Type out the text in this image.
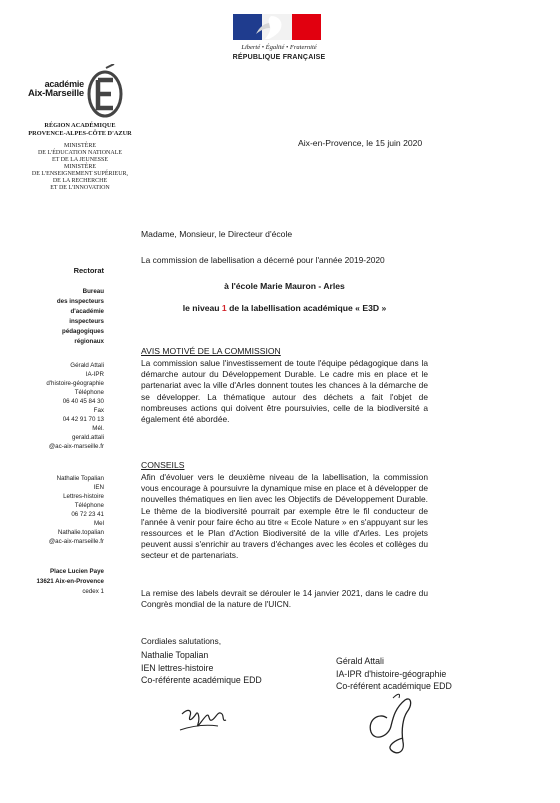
Liberté • Égalité • Fraternité
RÉPUBLIQUE FRANÇAISE
académie
Aix-Marseille
RÉGION ACADÉMIQUE
PROVENCE-ALPES-CÔTE D'AZUR
MINISTÈRE
DE L'ÉDUCATION NATIONALE
ET DE LA JEUNESSE
MINISTÈRE
DE L'ENSEIGNEMENT SUPÉRIEUR,
DE LA RECHERCHE
ET DE L'INNOVATION
Rectorat
Bureau
des inspecteurs
d'académie
inspecteurs
pédagogiques
régionaux
Gérald Attali
IA-IPR
d'histoire-géographie
Téléphone
06 40 45 84 30
Fax
04 42 91 70 13
Mél.
gerald.attali
@ac-aix-marseille.fr
Nathalie Topalian
IEN
Lettres-histoire
Téléphone
06 72 23 41
Mel
Nathalie.topalian
@ac-aix-marseille.fr
Place Lucien Paye
13621 Aix-en-Provence
cedex 1

Aix-en-Provence, le 15 juin 2020

Madame, Monsieur, le Directeur d'école

La commission de labellisation a décerné pour l'année 2019-2020

à l'école Marie Mauron - Arles

le niveau 1 de la labellisation académique « E3D »

AVIS MOTIVÉ DE LA COMMISSION

La commission salue l'investissement de toute l'équipe pédagogique dans la démarche autour du Développement Durable. Le cadre mis en place et le partenariat avec la ville d'Arles donnent toutes les chances à la démarche de se développer. La thématique autour des déchets a fait l'objet de nombreuses actions qui doivent être poursuivies, celle de la biodiversité a également été abordée.

CONSEILS

Afin d'évoluer vers le deuxième niveau de la labellisation, la commission vous encourage à poursuivre la dynamique mise en place et à développer de nouvelles thématiques en lien avec les Objectifs de Développement Durable. Le thème de la biodiversité pourrait par exemple être le fil conducteur de l'année à venir pour faire écho au titre « Ecole Nature » en s'appuyant sur les ressources et le Plan d'Action Biodiversité de la ville d'Arles. Les projets peuvent aussi s'enrichir au travers d'échanges avec les écoles et collèges du secteur et de partenariats.

La remise des labels devrait se dérouler le 14 janvier 2021, dans le cadre du Congrès mondial de la nature de l'UICN.

Cordiales salutations,

Nathalie Topalian
IEN lettres-histoire
Co-référente académique EDD
Gérald Attali
IA-IPR d'histoire-géographie
Co-référent académique EDD
